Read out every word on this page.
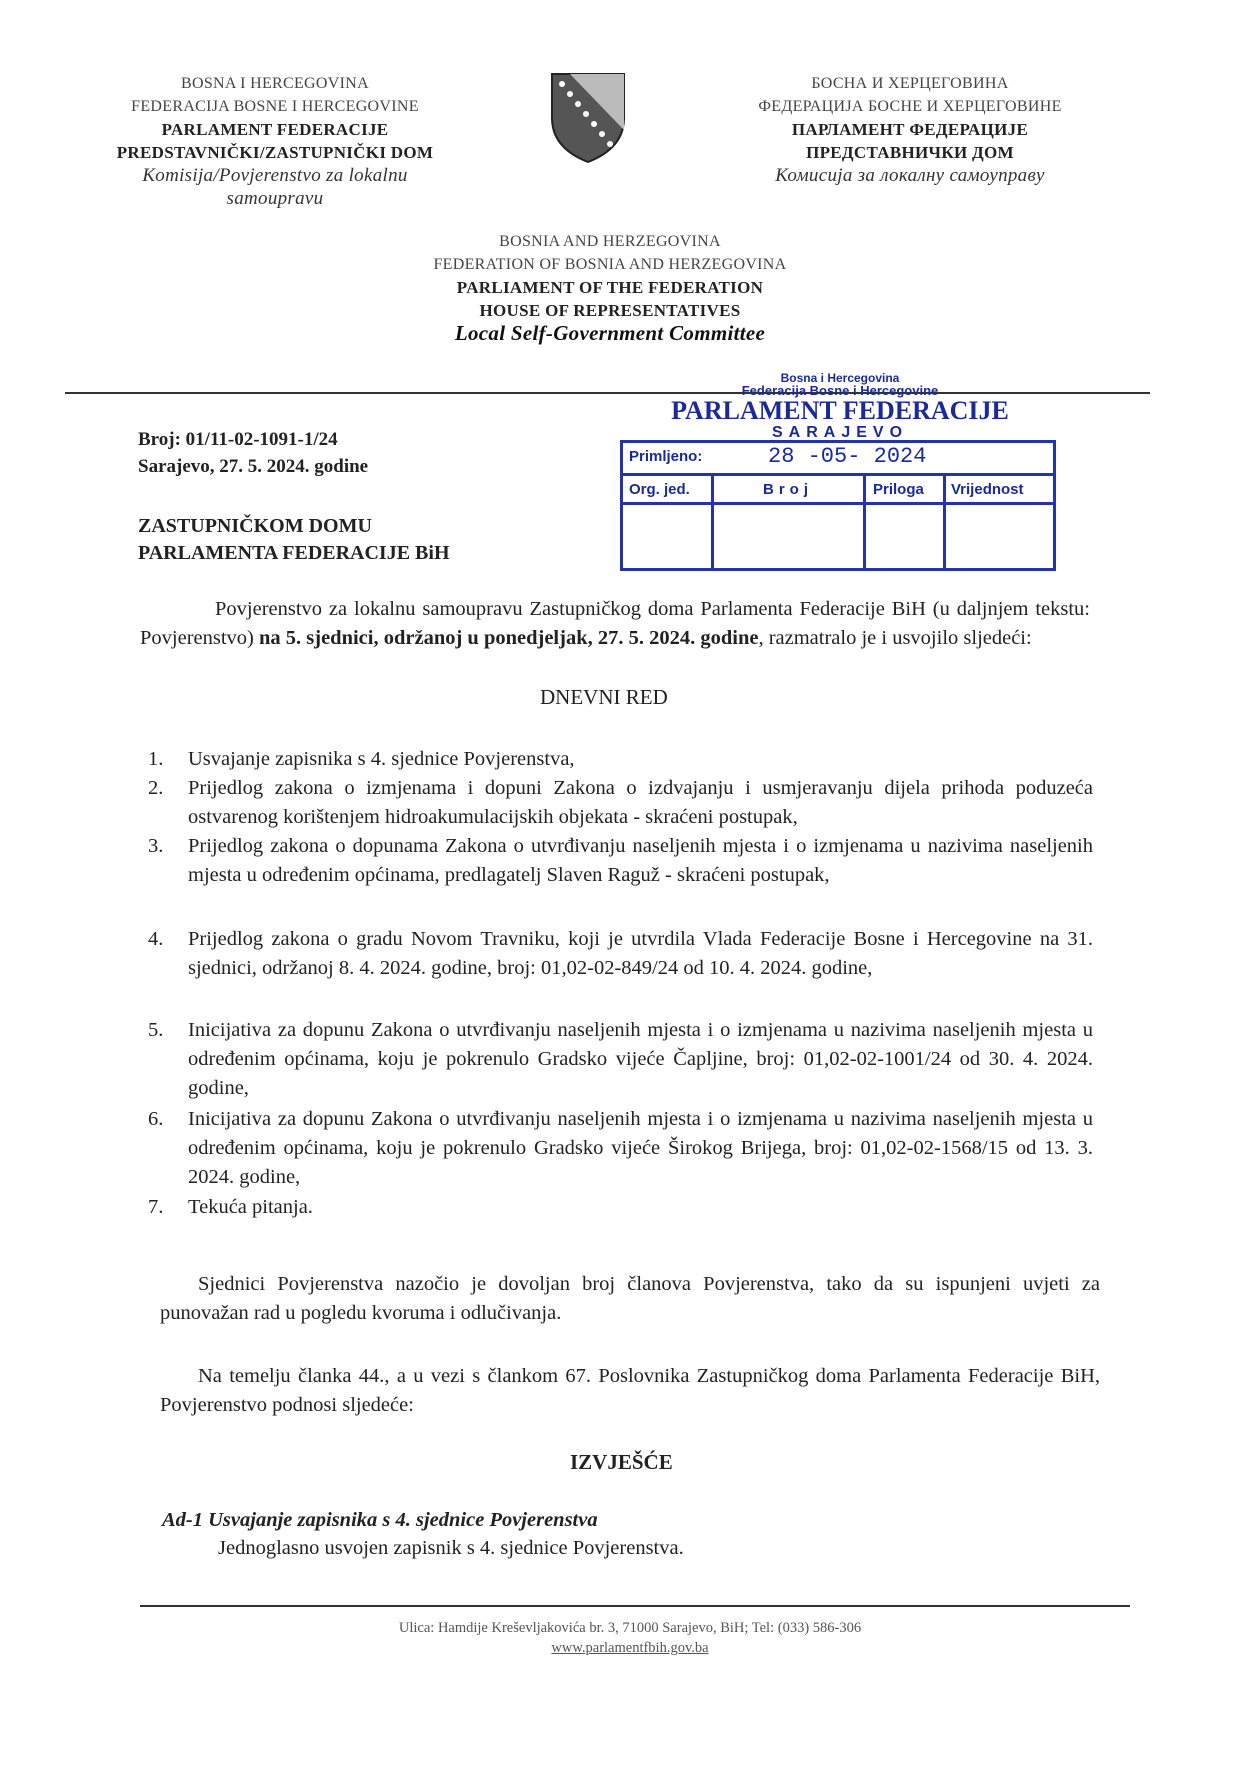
BOSNA I HERCEGOVINA
FEDERACIJA BOSNE I HERCEGOVINE
PARLAMENT FEDERACIJE
PREDSTAVNIČKI/ZASTUPNIČKI DOM
Komisija/Povjerenstvo za lokalnu
samoupravu
БОСНА И ХЕРЦЕГОВИНА
ФЕДЕРАЦИЈА БОСНЕ И ХЕРЦЕГОВИНЕ
ПАРЛАМЕНТ ФЕДЕРАЦИЈЕ
ПРЕДСТАВНИЧКИ ДОМ
Комисија за локалну самоуправу
BOSNIA AND HERZEGOVINA
FEDERATION OF BOSNIA AND HERZEGOVINA
PARLIAMENT OF THE FEDERATION
HOUSE OF REPRESENTATIVES
Local Self-Government Committee
Bosna i Hercegovina
Federacija Bosne i Hercegovine
PARLAMENT FEDERACIJE
SARAJEVO
Primljeno:	28 -05- 2024
Org. jed.	Broj	Priloga Vrijednost
Broj: 01/11-02-1091-1/24
Sarajevo, 27. 5. 2024. godine
ZASTUPNIČKOM DOMU
PARLAMENTA FEDERACIJE BiH
Povjerenstvo za lokalnu samoupravu Zastupničkog doma Parlamenta Federacije BiH (u daljnjem tekstu: Povjerenstvo) na 5. sjednici, održanoj u ponedjeljak, 27. 5. 2024. godine, razmatralo je i usvojilo sljedeći:
DNEVNI RED
1.	Usvajanje zapisnika s 4. sjednice Povjerenstva,
2.	Prijedlog zakona o izmjenama i dopuni Zakona o izdvajanju i usmjeravanju dijela prihoda poduzeća ostvarenog korištenjem hidroakumulacijskih objekata - skraćeni postupak,
3.	Prijedlog zakona o dopunama Zakona o utvrđivanju naseljenih mjesta i o izmjenama u nazivima naseljenih mjesta u određenim općinama, predlagatelj Slaven Raguž - skraćeni postupak,
4.	Prijedlog zakona o gradu Novom Travniku, koji je utvrdila Vlada Federacije Bosne i Hercegovine na 31. sjednici, održanoj 8. 4. 2024. godine, broj: 01,02-02-849/24 od 10. 4. 2024. godine,
5.	Inicijativa za dopunu Zakona o utvrđivanju naseljenih mjesta i o izmjenama u nazivima naseljenih mjesta u određenim općinama, koju je pokrenulo Gradsko vijeće Čapljine, broj: 01,02-02-1001/24 od 30. 4. 2024. godine,
6.	Inicijativa za dopunu Zakona o utvrđivanju naseljenih mjesta i o izmjenama u nazivima naseljenih mjesta u određenim općinama, koju je pokrenulo Gradsko vijeće Širokog Brijega, broj: 01,02-02-1568/15 od 13. 3. 2024. godine,
7.	Tekuća pitanja.
Sjednici Povjerenstva nazočio je dovoljan broj članova Povjerenstva, tako da su ispunjeni uvjeti za punovažan rad u pogledu kvoruma i odlučivanja.
Na temelju članka 44., a u vezi s člankom 67. Poslovnika Zastupničkog doma Parlamenta Federacije BiH, Povjerenstvo podnosi sljedeće:
IZVJEŠĆE
Ad-1 Usvajanje zapisnika s 4. sjednice Povjerenstva
Jednoglasno usvojen zapisnik s 4. sjednice Povjerenstva.
Ulica: Hamdije Kreševljakovića br. 3, 71000 Sarajevo, BiH; Tel: (033) 586-306
www.parlamentfbih.gov.ba
